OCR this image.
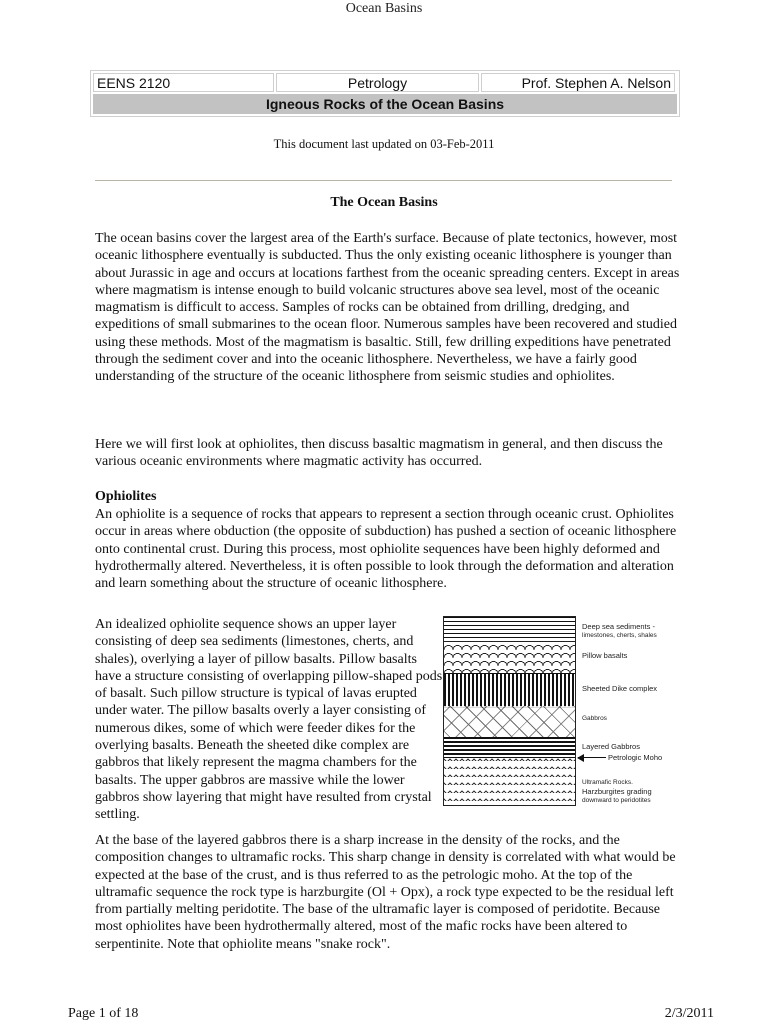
Ocean Basins
EENS 2120	Petrology	Prof. Stephen A. Nelson
Igneous Rocks of the Ocean Basins
This document last updated on 03-Feb-2011
The Ocean Basins

The ocean basins cover the largest area of the Earth's surface. Because of plate tectonics, however, most oceanic lithosphere eventually is subducted. Thus the only existing oceanic lithosphere is younger than about Jurassic in age and occurs at locations farthest from the oceanic spreading centers. Except in areas where magmatism is intense enough to build volcanic structures above sea level, most of the oceanic magmatism is difficult to access. Samples of rocks can be obtained from drilling, dredging, and expeditions of small submarines to the ocean floor. Numerous samples have been recovered and studied using these methods. Most of the magmatism is basaltic. Still, few drilling expeditions have penetrated through the sediment cover and into the oceanic lithosphere. Nevertheless, we have a fairly good understanding of the structure of the oceanic lithosphere from seismic studies and ophiolites.

Here we will first look at ophiolites, then discuss basaltic magmatism in general, and then discuss the various oceanic environments where magmatic activity has occurred.

Ophiolites

An ophiolite is a sequence of rocks that appears to represent a section through oceanic crust. Ophiolites occur in areas where obduction (the opposite of subduction) has pushed a section of oceanic lithosphere onto continental crust. During this process, most ophiolite sequences have been highly deformed and hydrothermally altered. Nevertheless, it is often possible to look through the deformation and alteration and learn something about the structure of oceanic lithosphere.

An idealized ophiolite sequence shows an upper layer consisting of deep sea sediments (limestones, cherts, and shales), overlying a layer of pillow basalts. Pillow basalts have a structure consisting of overlapping pillow-shaped pods of basalt. Such pillow structure is typical of lavas erupted under water. The pillow basalts overly a layer consisting of numerous dikes, some of which were feeder dikes for the overlying basalts. Beneath the sheeted dike complex are gabbros that likely represent the magma chambers for the basalts. The upper gabbros are massive while the lower gabbros show layering that might have resulted from crystal settling.

Deep sea sediments -
limestones, cherts, shales
Pillow basalts
Sheeted Dike complex
Gabbros
Layered Gabbros
Petrologic Moho
Ultramafic Rocks.
Harzburgites grading
downward to peridotites

At the base of the layered gabbros there is a sharp increase in the density of the rocks, and the composition changes to ultramafic rocks. This sharp change in density is correlated with what would be expected at the base of the crust, and is thus referred to as the petrologic moho. At the top of the ultramafic sequence the rock type is harzburgite (Ol + Opx), a rock type expected to be the residual left from partially melting peridotite. The base of the ultramafic layer is composed of peridotite. Because most ophiolites have been hydrothermally altered, most of the mafic rocks have been altered to serpentinite. Note that ophiolite means "snake rock".

Page 1 of 18	2/3/2011
